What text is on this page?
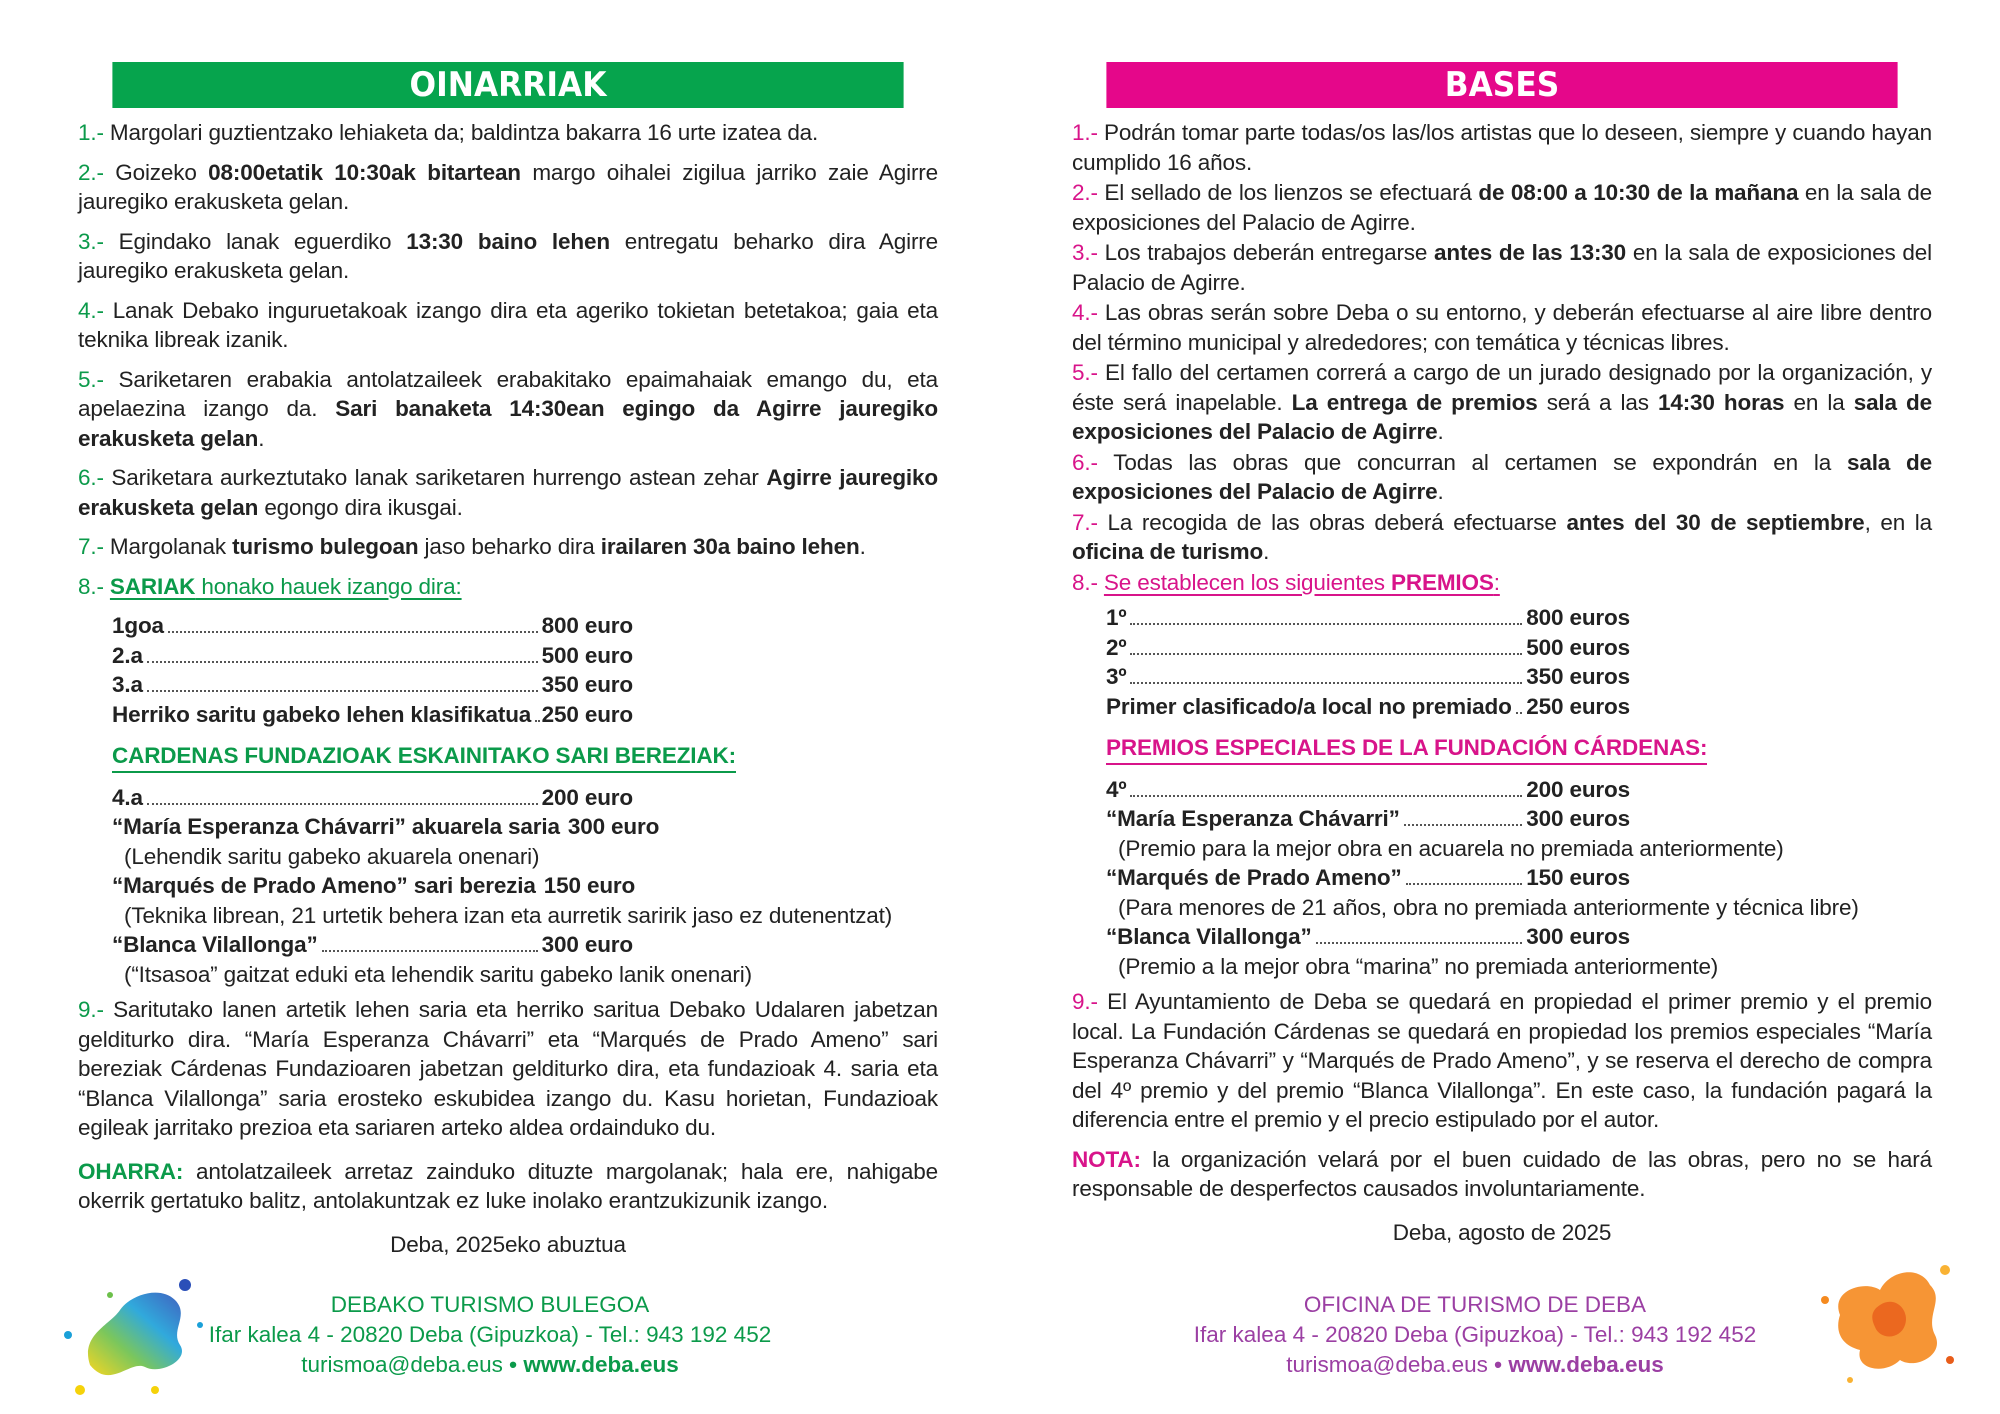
OINARRIAK

1.- Margolari guztientzako lehiaketa da; baldintza bakarra 16 urte izatea da.

2.- Goizeko 08:00etatik 10:30ak bitartean margo oihalei zigilua jarriko zaie Agirre jauregiko erakusketa gelan.

3.- Egindako lanak eguerdiko 13:30 baino lehen entregatu beharko dira Agirre jauregiko erakusketa gelan.

4.- Lanak Debako inguruetakoak izango dira eta ageriko tokietan betetakoa; gaia eta teknika libreak izanik.

5.- Sariketaren erabakia antolatzaileek erabakitako epaimahaiak emango du, eta apelaezina izango da. Sari banaketa 14:30ean egingo da Agirre jauregiko erakusketa gelan.

6.- Sariketara aurkeztutako lanak sariketaren hurrengo astean zehar Agirre jauregiko erakusketa gelan egongo dira ikusgai.

7.- Margolanak turismo bulegoan jaso beharko dira irailaren 30a baino lehen.

8.- SARIAK honako hauek izango dira:

1goa	800 euro
2.a	500 euro
3.a	350 euro
Herriko saritu gabeko lehen klasifikatua 250 euro
CARDENAS FUNDAZIOAK ESKAINITAKO SARI BEREZIAK:
4.a	200 euro
“María Esperanza Chávarri” akuarela saria 300 euro
(Lehendik saritu gabeko akuarela onenari)
“Marqués de Prado Ameno” sari berezia 150 euro
(Teknika librean, 21 urtetik behera izan eta aurretik saririk jaso ez dutenentzat)
“Blanca Vilallonga”	300 euro
(“Itsasoa” gaitzat eduki eta lehendik saritu gabeko lanik onenari)

9.- Saritutako lanen artetik lehen saria eta herriko saritua Debako Udalaren jabetzan gelditurko dira. “María Esperanza Chávarri” eta “Marqués de Prado Ameno” sari bereziak Cárdenas Fundazioaren jabetzan gelditurko dira, eta fundazioak 4. saria eta “Blanca Vilallonga” saria erosteko eskubidea izango du. Kasu horietan, Fundazioak egileak jarritako prezioa eta sariaren arteko aldea ordainduko du.

OHARRA: antolatzaileek arretaz zainduko dituzte margolanak; hala ere, nahigabe okerrik gertatuko balitz, antolakuntzak ez luke inolako erantzukizunik izango.

Deba, 2025eko abuztua
BASES

1.- Podrán tomar parte todas/os las/los artistas que lo deseen, siempre y cuando hayan cumplido 16 años.

2.- El sellado de los lienzos se efectuará de 08:00 a 10:30 de la mañana en la sala de exposiciones del Palacio de Agirre.

3.- Los trabajos deberán entregarse antes de las 13:30 en la sala de exposiciones del Palacio de Agirre.

4.- Las obras serán sobre Deba o su entorno, y deberán efectuarse al aire libre dentro del término municipal y alrededores; con temática y técnicas libres.

5.- El fallo del certamen correrá a cargo de un jurado designado por la organización, y éste será inapelable. La entrega de premios será a las 14:30 horas en la sala de exposiciones del Palacio de Agirre.

6.- Todas las obras que concurran al certamen se expondrán en la sala de exposiciones del Palacio de Agirre.

7.- La recogida de las obras deberá efectuarse antes del 30 de septiembre, en la oficina de turismo.

8.- Se establecen los siguientes PREMIOS:

1º	800 euros
2º	500 euros
3º	350 euros
Primer clasificado/a local no premiado 250 euros
PREMIOS ESPECIALES DE LA FUNDACIÓN CÁRDENAS:
4º	200 euros
“María Esperanza Chávarri”	300 euros
(Premio para la mejor obra en acuarela no premiada anteriormente)
“Marqués de Prado Ameno”	150 euros
(Para menores de 21 años, obra no premiada anteriormente y técnica libre)
“Blanca Vilallonga”	300 euros
(Premio a la mejor obra “marina” no premiada anteriormente)

9.- El Ayuntamiento de Deba se quedará en propiedad el primer premio y el premio local. La Fundación Cárdenas se quedará en propiedad los premios especiales “María Esperanza Chávarri” y “Marqués de Prado Ameno”, y se reserva el derecho de compra del 4º premio y del premio “Blanca Vilallonga”. En este caso, la fundación pagará la diferencia entre el premio y el precio estipulado por el autor.

NOTA: la organización velará por el buen cuidado de las obras, pero no se hará responsable de desperfectos causados involuntariamente.

Deba, agosto de 2025
DEBAKO TURISMO BULEGOA
Ifar kalea 4 - 20820 Deba (Gipuzkoa) - Tel.: 943 192 452
turismoa@deba.eus • www.deba.eus
OFICINA DE TURISMO DE DEBA
Ifar kalea 4 - 20820 Deba (Gipuzkoa) - Tel.: 943 192 452
turismoa@deba.eus • www.deba.eus
